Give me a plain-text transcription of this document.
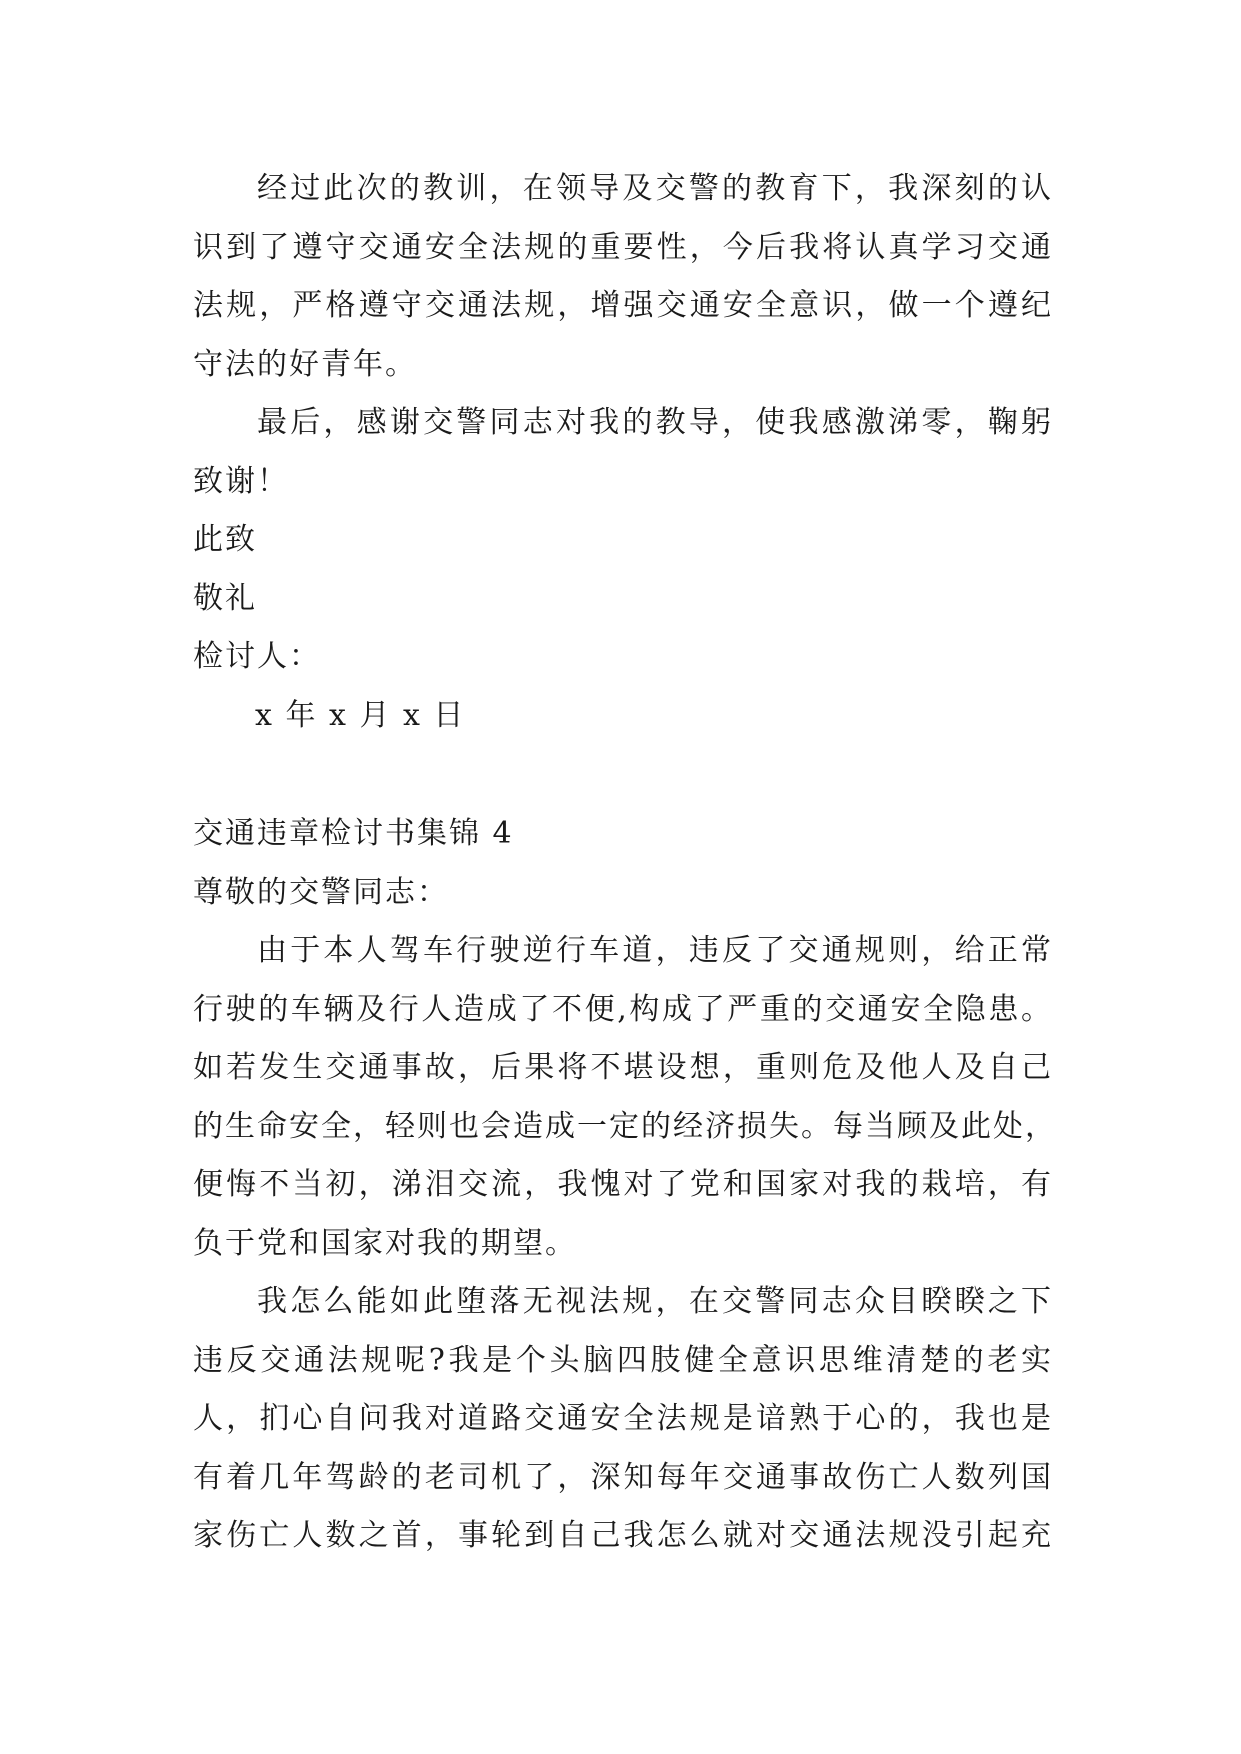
经过此次的教训，在领导及交警的教育下，我深刻的认
识到了遵守交通安全法规的重要性，今后我将认真学习交通
法规，严格遵守交通法规，增强交通安全意识，做一个遵纪
守法的好青年。
最后，感谢交警同志对我的教导，使我感激涕零，鞠躬
致谢！
此致
敬礼
检讨人：
x 年 x 月 x 日
交通违章检讨书集锦 4
尊敬的交警同志：
由于本人驾车行驶逆行车道，违反了交通规则，给正常
行驶的车辆及行人造成了不便,构成了严重的交通安全隐患。
如若发生交通事故，后果将不堪设想，重则危及他人及自己
的生命安全，轻则也会造成一定的经济损失。每当顾及此处，
便悔不当初，涕泪交流，我愧对了党和国家对我的栽培，有
负于党和国家对我的期望。
我怎么能如此堕落无视法规，在交警同志众目睽睽之下
违反交通法规呢?我是个头脑四肢健全意识思维清楚的老实
人，扪心自问我对道路交通安全法规是谙熟于心的，我也是
有着几年驾龄的老司机了，深知每年交通事故伤亡人数列国
家伤亡人数之首，事轮到自己我怎么就对交通法规没引起充
